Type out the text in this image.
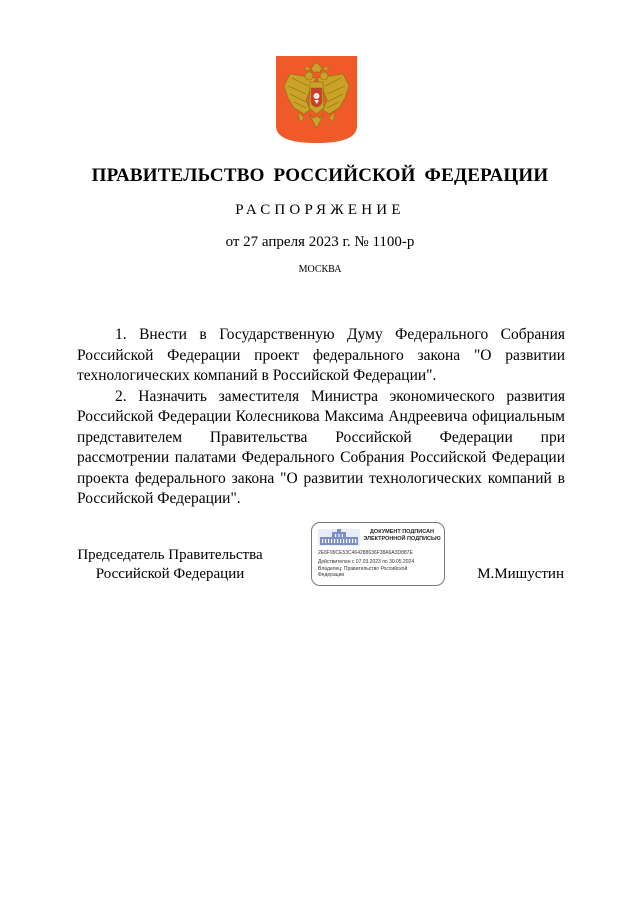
ПРАВИТЕЛЬСТВО РОССИЙСКОЙ ФЕДЕРАЦИИ
РАСПОРЯЖЕНИЕ
от 27 апреля 2023 г. № 1100-р
МОСКВА

1. Внести в Государственную Думу Федерального Собрания Российской Федерации проект федерального закона "О развитии технологических компаний в Российской Федерации".

2. Назначить заместителя Министра экономического развития Российской Федерации Колесникова Максима Андреевича официальным представителем Правительства Российской Федерации при рассмотрении палатами Федерального Собрания Российской Федерации проекта федерального закона "О развитии технологических компаний в Российской Федерации".

Председатель Правительства
Российской Федерации
ДОКУМЕНТ ПОДПИСАН
ЭЛЕКТРОННОЙ ПОДПИСЬЮ
2E6F99CE53C464288636F38A6A3D887E
Действителен с 07.03.2023 по 30.05.2024
Владелец: Правительство Российской
Федерации	М.Мишустин
